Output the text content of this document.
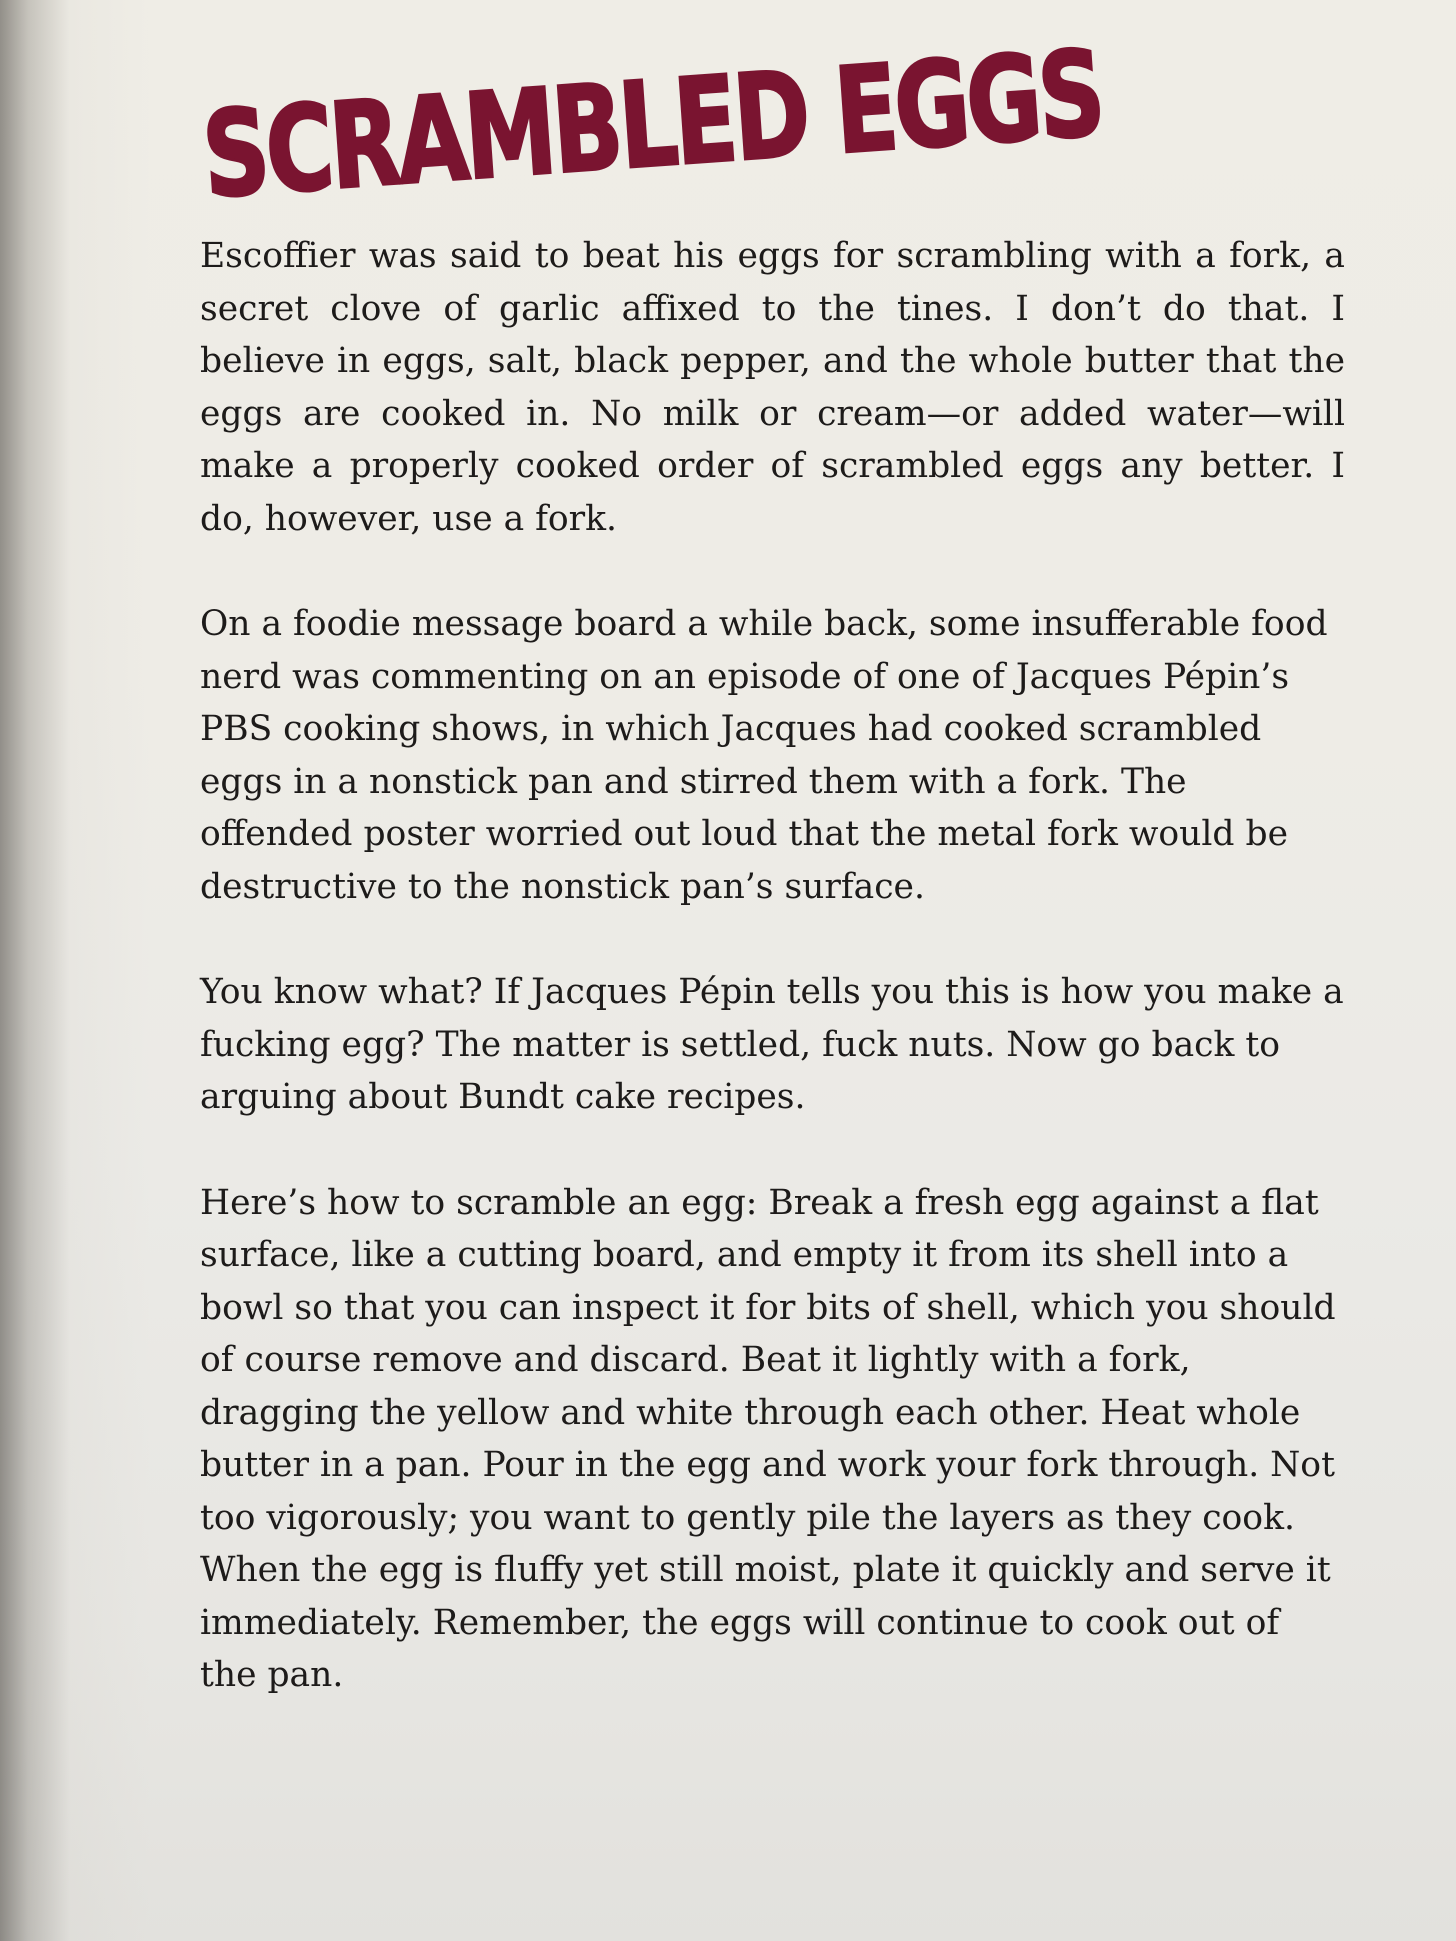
SCRAMBLED EGGS

Escoffier was said to beat his eggs for scrambling with a fork, a secret clove of garlic affixed to the tines. I don’t do that. I believe in eggs, salt, black pepper, and the whole butter that the eggs are cooked in. No milk or cream—or added water—will make a properly cooked order of scrambled eggs any better. I do, however, use a fork.

On a foodie message board a while back, some insufferable food nerd was commenting on an episode of one of Jacques Pépin’s PBS cooking shows, in which Jacques had cooked scrambled eggs in a nonstick pan and stirred them with a fork. The offended poster worried out loud that the metal fork would be destructive to the nonstick pan’s surface.

You know what? If Jacques Pépin tells you this is how you make a fucking egg? The matter is settled, fuck nuts. Now go back to arguing about Bundt cake recipes.

Here’s how to scramble an egg: Break a fresh egg against a flat surface, like a cutting board, and empty it from its shell into a bowl so that you can inspect it for bits of shell, which you should of course remove and discard. Beat it lightly with a fork, dragging the yellow and white through each other. Heat whole butter in a pan. Pour in the egg and work your fork through. Not too vigorously; you want to gently pile the layers as they cook. When the egg is fluffy yet still moist, plate it quickly and serve it immediately. Remember, the eggs will continue to cook out of the pan.
